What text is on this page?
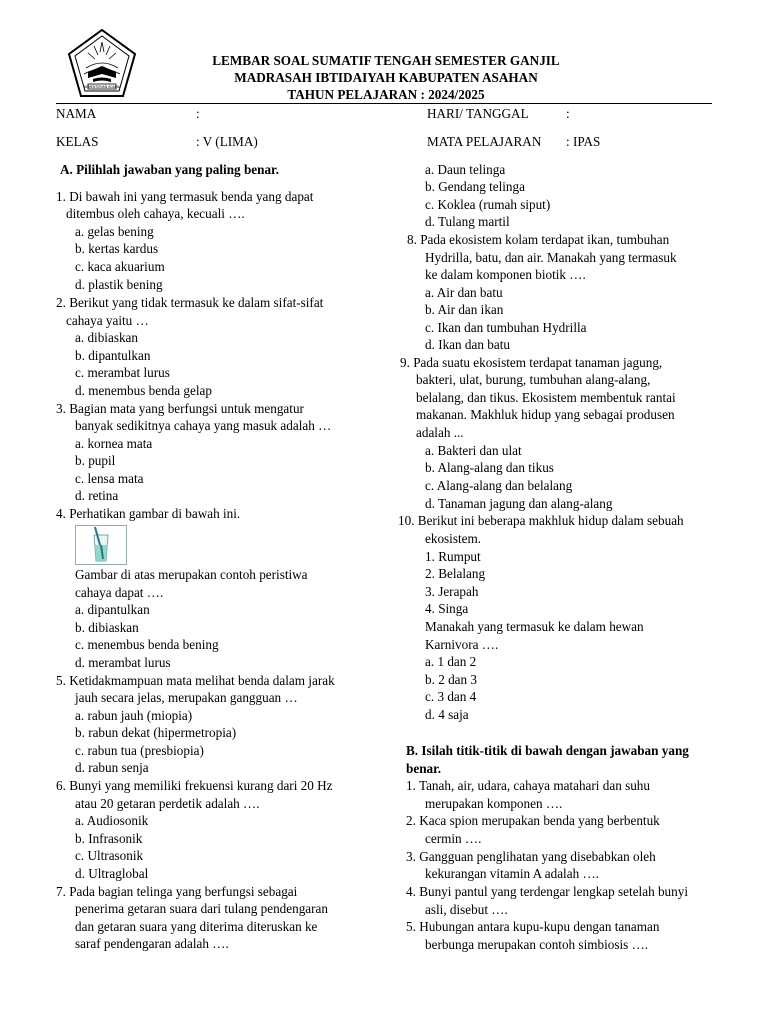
KEMENTERIAN AGAMA
LEMBAR SOAL SUMATIF TENGAH SEMESTER GANJIL
MADRASAH IBTIDAIYAH KABUPATEN ASAHAN
TAHUN PELAJARAN : 2024/2025
NAMA	:	HARI/ TANGGAL	:
KELAS	: V (LIMA)	MATA PELAJARAN : IPAS
A. Pilihlah jawaban yang paling benar.
1. Di bawah ini yang termasuk benda yang dapat
ditembus oleh cahaya, kecuali ….
a. gelas bening
b. kertas kardus
c. kaca akuarium
d. plastik bening
2. Berikut yang tidak termasuk ke dalam sifat-sifat
cahaya yaitu …
a. dibiaskan
b. dipantulkan
c. merambat lurus
d. menembus benda gelap
3. Bagian mata yang berfungsi untuk mengatur
banyak sedikitnya cahaya yang masuk adalah …
a. kornea mata
b. pupil
c. lensa mata
d. retina
4. Perhatikan gambar di bawah ini.
Gambar di atas merupakan contoh peristiwa
cahaya dapat ….
a. dipantulkan
b. dibiaskan
c. menembus benda bening
d. merambat lurus
5. Ketidakmampuan mata melihat benda dalam jarak
jauh secara jelas, merupakan gangguan …
a. rabun jauh (miopia)
b. rabun dekat (hipermetropia)
c. rabun tua (presbiopia)
d. rabun senja
6. Bunyi yang memiliki frekuensi kurang dari 20 Hz
atau 20 getaran perdetik adalah ….
a. Audiosonik
b. Infrasonik
c. Ultrasonik
d. Ultraglobal
7. Pada bagian telinga yang berfungsi sebagai
penerima getaran suara dari tulang pendengaran
dan getaran suara yang diterima diteruskan ke
saraf pendengaran adalah ….
a. Daun telinga
b. Gendang telinga
c. Koklea (rumah siput)
d. Tulang martil
8. Pada ekosistem kolam terdapat ikan, tumbuhan
Hydrilla, batu, dan air. Manakah yang termasuk
ke dalam komponen biotik ….
a. Air dan batu
b. Air dan ikan
c. Ikan dan tumbuhan Hydrilla
d. Ikan dan batu
9. Pada suatu ekosistem terdapat tanaman jagung,
bakteri, ulat, burung, tumbuhan alang-alang,
belalang, dan tikus. Ekosistem membentuk rantai
makanan. Makhluk hidup yang sebagai produsen
adalah ...
a. Bakteri dan ulat
b. Alang-alang dan tikus
c. Alang-alang dan belalang
d. Tanaman jagung dan alang-alang
10. Berikut ini beberapa makhluk hidup dalam sebuah
ekosistem.
1. Rumput
2. Belalang
3. Jerapah
4. Singa
Manakah yang termasuk ke dalam hewan
Karnivora ….
a. 1 dan 2
b. 2 dan 3
c. 3 dan 4
d. 4 saja
B. Isilah titik-titik di bawah dengan jawaban yang
benar.
1. Tanah, air, udara, cahaya matahari dan suhu
merupakan komponen ….
2. Kaca spion merupakan benda yang berbentuk
cermin ….
3. Gangguan penglihatan yang disebabkan oleh
kekurangan vitamin A adalah ….
4. Bunyi pantul yang terdengar lengkap setelah bunyi
asli, disebut ….
5. Hubungan antara kupu-kupu dengan tanaman
berbunga merupakan contoh simbiosis ….
